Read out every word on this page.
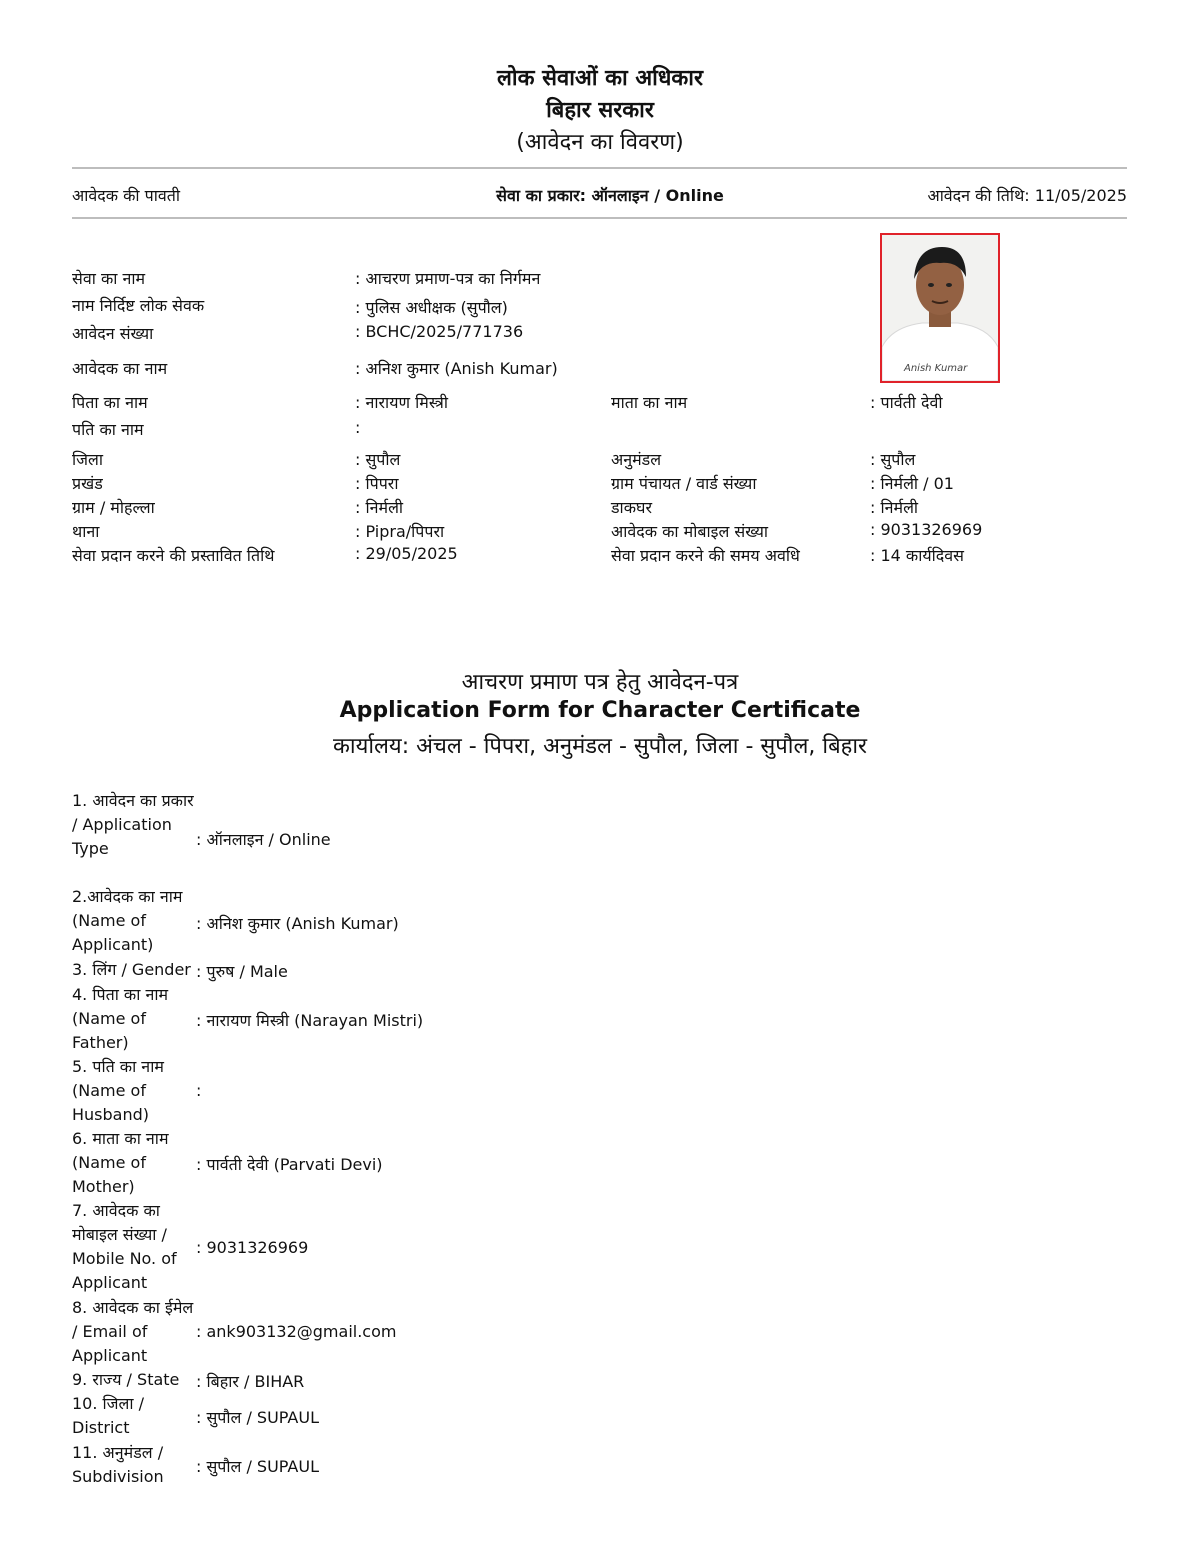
लोक सेवाओं का अधिकार
बिहार सरकार
(आवेदन का विवरण)
आवेदक की पावती	सेवा का प्रकार: ऑनलाइन / Online	आवेदन की तिथि: 11/05/2025
Anish Kumar
सेवा का नाम	: आचरण प्रमाण-पत्र का निर्गमन
नाम निर्दिष्ट लोक सेवक	: पुलिस अधीक्षक (सुपौल)
आवेदन संख्या	: BCHC/2025/771736
आवेदक का नाम	: अनिश कुमार (Anish Kumar)
पिता का नाम	: नारायण मिस्त्री	माता का नाम	: पार्वती देवी
पति का नाम	:
जिला	: सुपौल	अनुमंडल	: सुपौल
प्रखंड	: पिपरा	ग्राम पंचायत / वार्ड संख्या	: निर्मली / 01
ग्राम / मोहल्ला	: निर्मली	डाकघर	: निर्मली
थाना	: Pipra/पिपरा	आवेदक का मोबाइल संख्या	: 9031326969
सेवा प्रदान करने की प्रस्तावित तिथि	: 29/05/2025	सेवा प्रदान करने की समय अवधि	: 14 कार्यदिवस
आचरण प्रमाण पत्र हेतु आवेदन-पत्र
Application Form for Character Certificate
कार्यालय: अंचल - पिपरा, अनुमंडल - सुपौल, जिला - सुपौल, बिहार
1. आवेदन का प्रकार / Application Type	: ऑनलाइन / Online
2.आवेदक का नाम (Name of Applicant)
: अनिश कुमार (Anish Kumar)
3. लिंग / Gender : पुरुष / Male
4. पिता का नाम (Name of Father)
: नारायण मिस्त्री (Narayan Mistri)
5. पति का नाम (Name of Husband)
:
6. माता का नाम (Name of Mother)
: पार्वती देवी (Parvati Devi)
7. आवेदक का मोबाइल संख्या / Mobile No. of Applicant
: 9031326969
8. आवेदक का ईमेल / Email of Applicant
: ank903132@gmail.com
9. राज्य / State	: बिहार / BIHAR
10. जिला / District
: सुपौल / SUPAUL
11. अनुमंडल / Subdivision
: सुपौल / SUPAUL
